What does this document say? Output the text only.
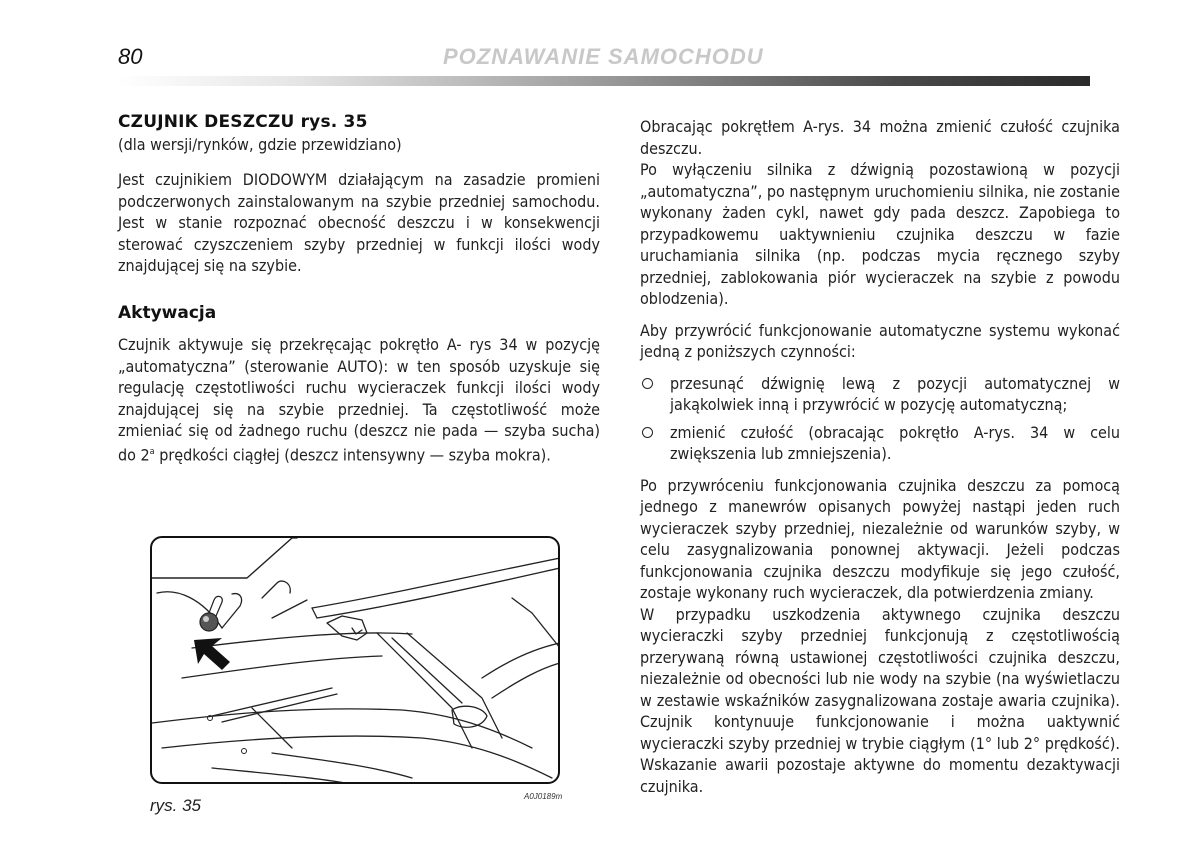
80	POZNAWANIE SAMOCHODU
CZUJNIK DESZCZU rys. 35
(dla wersji/rynków, gdzie przewidziano)

Jest czujnikiem DIODOWYM działającym na zasadzie promieni podczerwonych zainstalowanym na szybie przedniej samochodu. Jest w stanie rozpoznać obecność deszczu i w konsekwencji sterować czyszczeniem szyby przedniej w funkcji ilości wody znajdującej się na szybie.

Aktywacja

Czujnik aktywuje się przekręcając pokrętło A- rys 34 w pozycję „automatyczna” (sterowanie AUTO): w ten sposób uzyskuje się regulację częstotliwości ruchu wycieraczek funkcji ilości wody znajdującej się na szybie przedniej. Ta częstotliwość może zmieniać się od żadnego ruchu (deszcz nie pada — szyba sucha) do 2$^a$ prędkości ciągłej (deszcz intensywny — szyba mokra).

rys. 35	A0J0189m

Obracając pokrętłem A-rys. 34 można zmienić czułość czujnika deszczu.

Po wyłączeniu silnika z dźwignią pozostawioną w pozycji „automatyczna”, po następnym uruchomieniu silnika, nie zostanie wykonany żaden cykl, nawet gdy pada deszcz. Zapobiega to przypadkowemu uaktywnieniu czujnika deszczu w fazie uruchamiania silnika (np. podczas mycia ręcznego szyby przedniej, zablokowania piór wycieraczek na szybie z powodu oblodzenia).

Aby przywrócić funkcjonowanie automatyczne systemu wykonać jedną z poniższych czynności:

przesunąć dźwignię lewą z pozycji automatycznej w jakąkolwiek inną i przywrócić w pozycję automatyczną;
zmienić czułość (obracając pokrętło A-rys. 34 w celu zwiększenia lub zmniejszenia).

Po przywróceniu funkcjonowania czujnika deszczu za pomocą jednego z manewrów opisanych powyżej nastąpi jeden ruch wycieraczek szyby przedniej, niezależnie od warunków szyby, w celu zasygnalizowania ponownej aktywacji. Jeżeli podczas funkcjonowania czujnika deszczu modyfikuje się jego czułość, zostaje wykonany ruch wycieraczek, dla potwierdzenia zmiany.

W przypadku uszkodzenia aktywnego czujnika deszczu wycieraczki szyby przedniej funkcjonują z częstotliwością przerywaną równą ustawionej częstotliwości czujnika deszczu, niezależnie od obecności lub nie wody na szybie (na wyświetlaczu w zestawie wskaźników zasygnalizowana zostaje awaria czujnika). Czujnik kontynuuje funkcjonowanie i można uaktywnić wycieraczki szyby przedniej w trybie ciągłym (1° lub 2° prędkość). Wskazanie awarii pozostaje aktywne do momentu dezaktywacji czujnika.
